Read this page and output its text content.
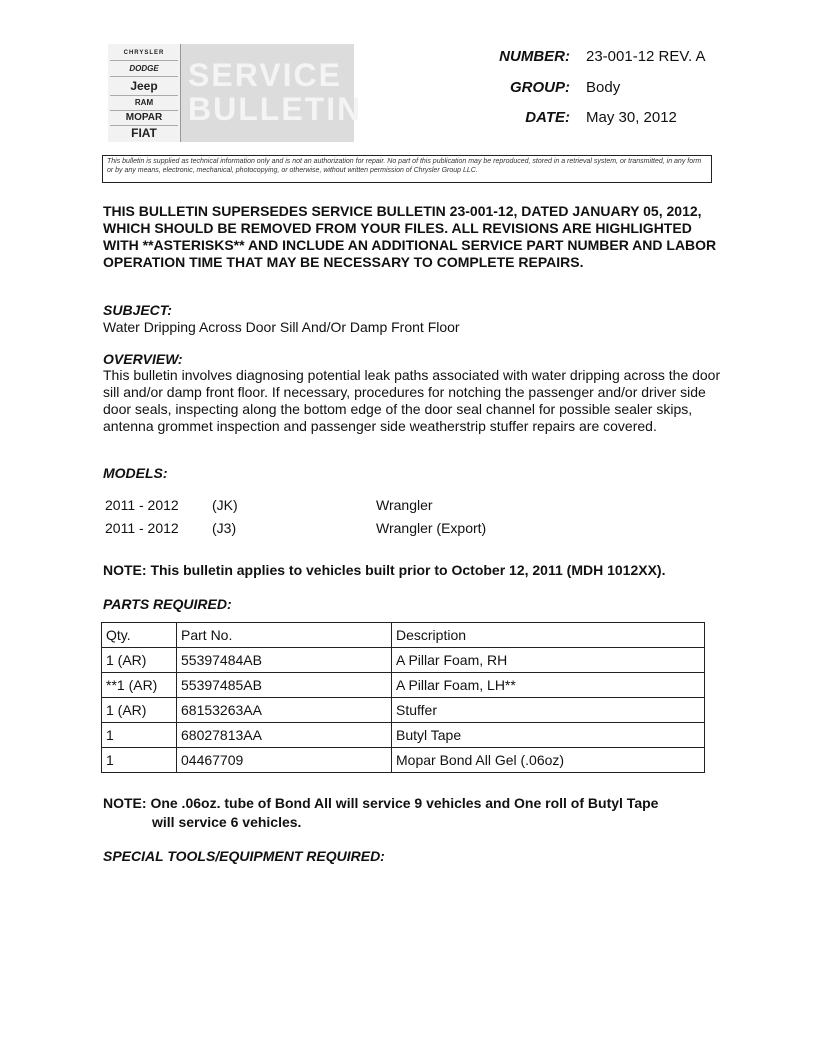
CHRYSLER
DODGE
Jeep
RAM
MOPAR
FIAT
SERVICE
BULLETIN
NUMBER: 23-001-12 REV. A
GROUP: Body
DATE: May 30, 2012
This bulletin is supplied as technical information only and is not an authorization for repair. No part of this publication may be reproduced, stored in a retrieval system, or transmitted, in any form or by any means, electronic, mechanical, photocopying, or otherwise, without written permission of Chrysler Group LLC.
THIS BULLETIN SUPERSEDES SERVICE BULLETIN 23-001-12, DATED JANUARY 05, 2012, WHICH SHOULD BE REMOVED FROM YOUR FILES. ALL REVISIONS ARE HIGHLIGHTED WITH **ASTERISKS** AND INCLUDE AN ADDITIONAL SERVICE PART NUMBER AND LABOR OPERATION TIME THAT MAY BE NECESSARY TO COMPLETE REPAIRS.
SUBJECT:
Water Dripping Across Door Sill And/Or Damp Front Floor
OVERVIEW:
This bulletin involves diagnosing potential leak paths associated with water dripping across the door sill and/or damp front floor. If necessary, procedures for notching the passenger and/or driver side door seals, inspecting along the bottom edge of the door seal channel for possible sealer skips, antenna grommet inspection and passenger side weatherstrip stuffer repairs are covered.
MODELS:
2011 - 2012 (JK)	Wrangler
2011 - 2012 (J3)	Wrangler (Export)
NOTE: This bulletin applies to vehicles built prior to October 12, 2011 (MDH 1012XX).
PARTS REQUIRED:
Qty.	Part No.	Description
1 (AR)	55397484AB	A Pillar Foam, RH
**1 (AR)	55397485AB	A Pillar Foam, LH**
1 (AR)	68153263AA	Stuffer
1	68027813AA	Butyl Tape
1	04467709	Mopar Bond All Gel (.06oz)
NOTE: One .06oz. tube of Bond All will service 9 vehicles and One roll of Butyl Tape
will service 6 vehicles.
SPECIAL TOOLS/EQUIPMENT REQUIRED:
